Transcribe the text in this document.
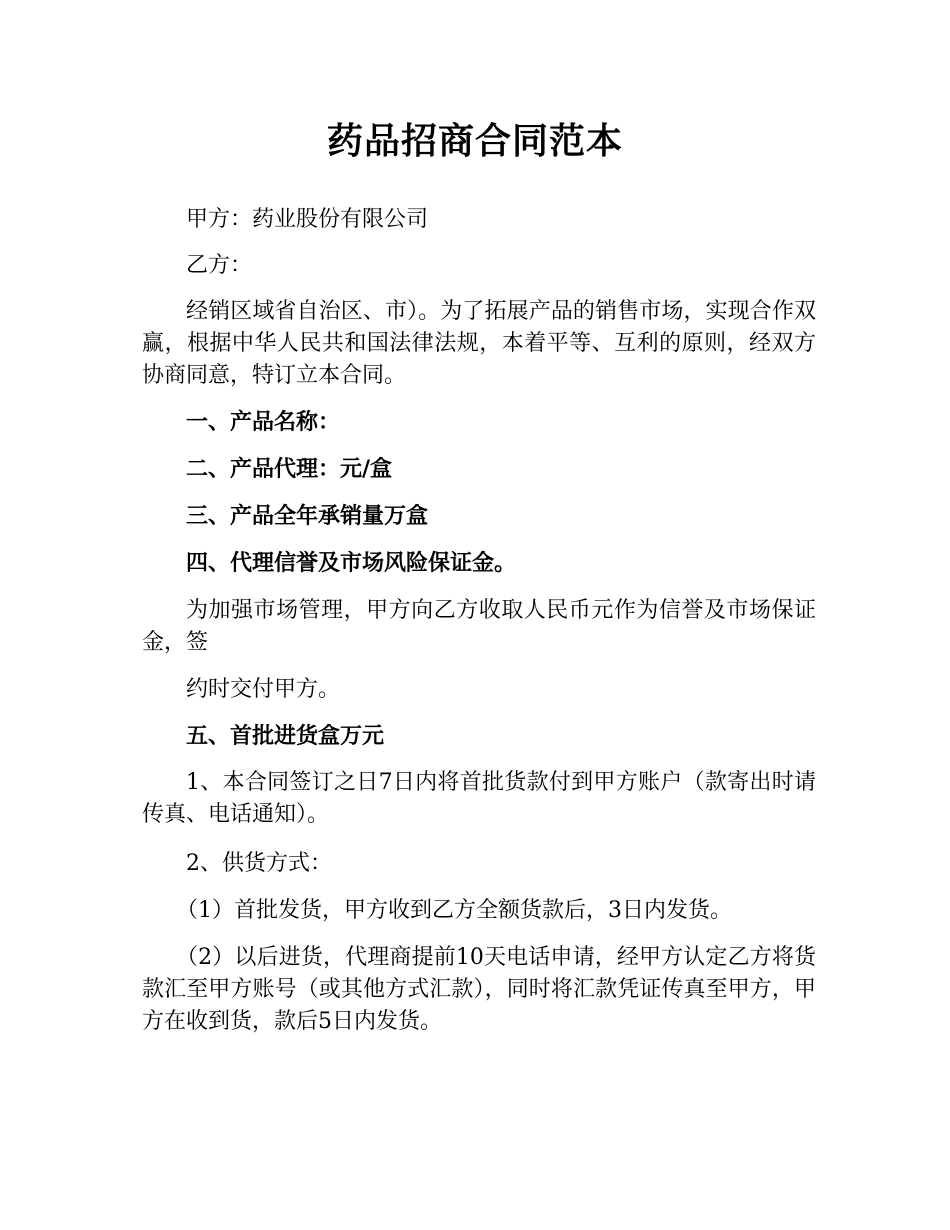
药品招商合同范本

甲方：药业股份有限公司

乙方：

经销区域省自治区、市）。为了拓展产品的销售市场，实现合作双赢，根据中华人民共和国法律法规，本着平等、互利的原则，经双方协商同意，特订立本合同。

一、产品名称：

二、产品代理：元/盒

三、产品全年承销量万盒

四、代理信誉及市场风险保证金。

为加强市场管理，甲方向乙方收取人民币元作为信誉及市场保证金，签

约时交付甲方。

五、首批进货盒万元

1、本合同签订之日7日内将首批货款付到甲方账户（款寄出时请传真、电话通知）。

2、供货方式：

（1）首批发货，甲方收到乙方全额货款后，3日内发货。

（2）以后进货，代理商提前10天电话申请，经甲方认定乙方将货款汇至甲方账号（或其他方式汇款），同时将汇款凭证传真至甲方，甲方在收到货，款后5日内发货。
